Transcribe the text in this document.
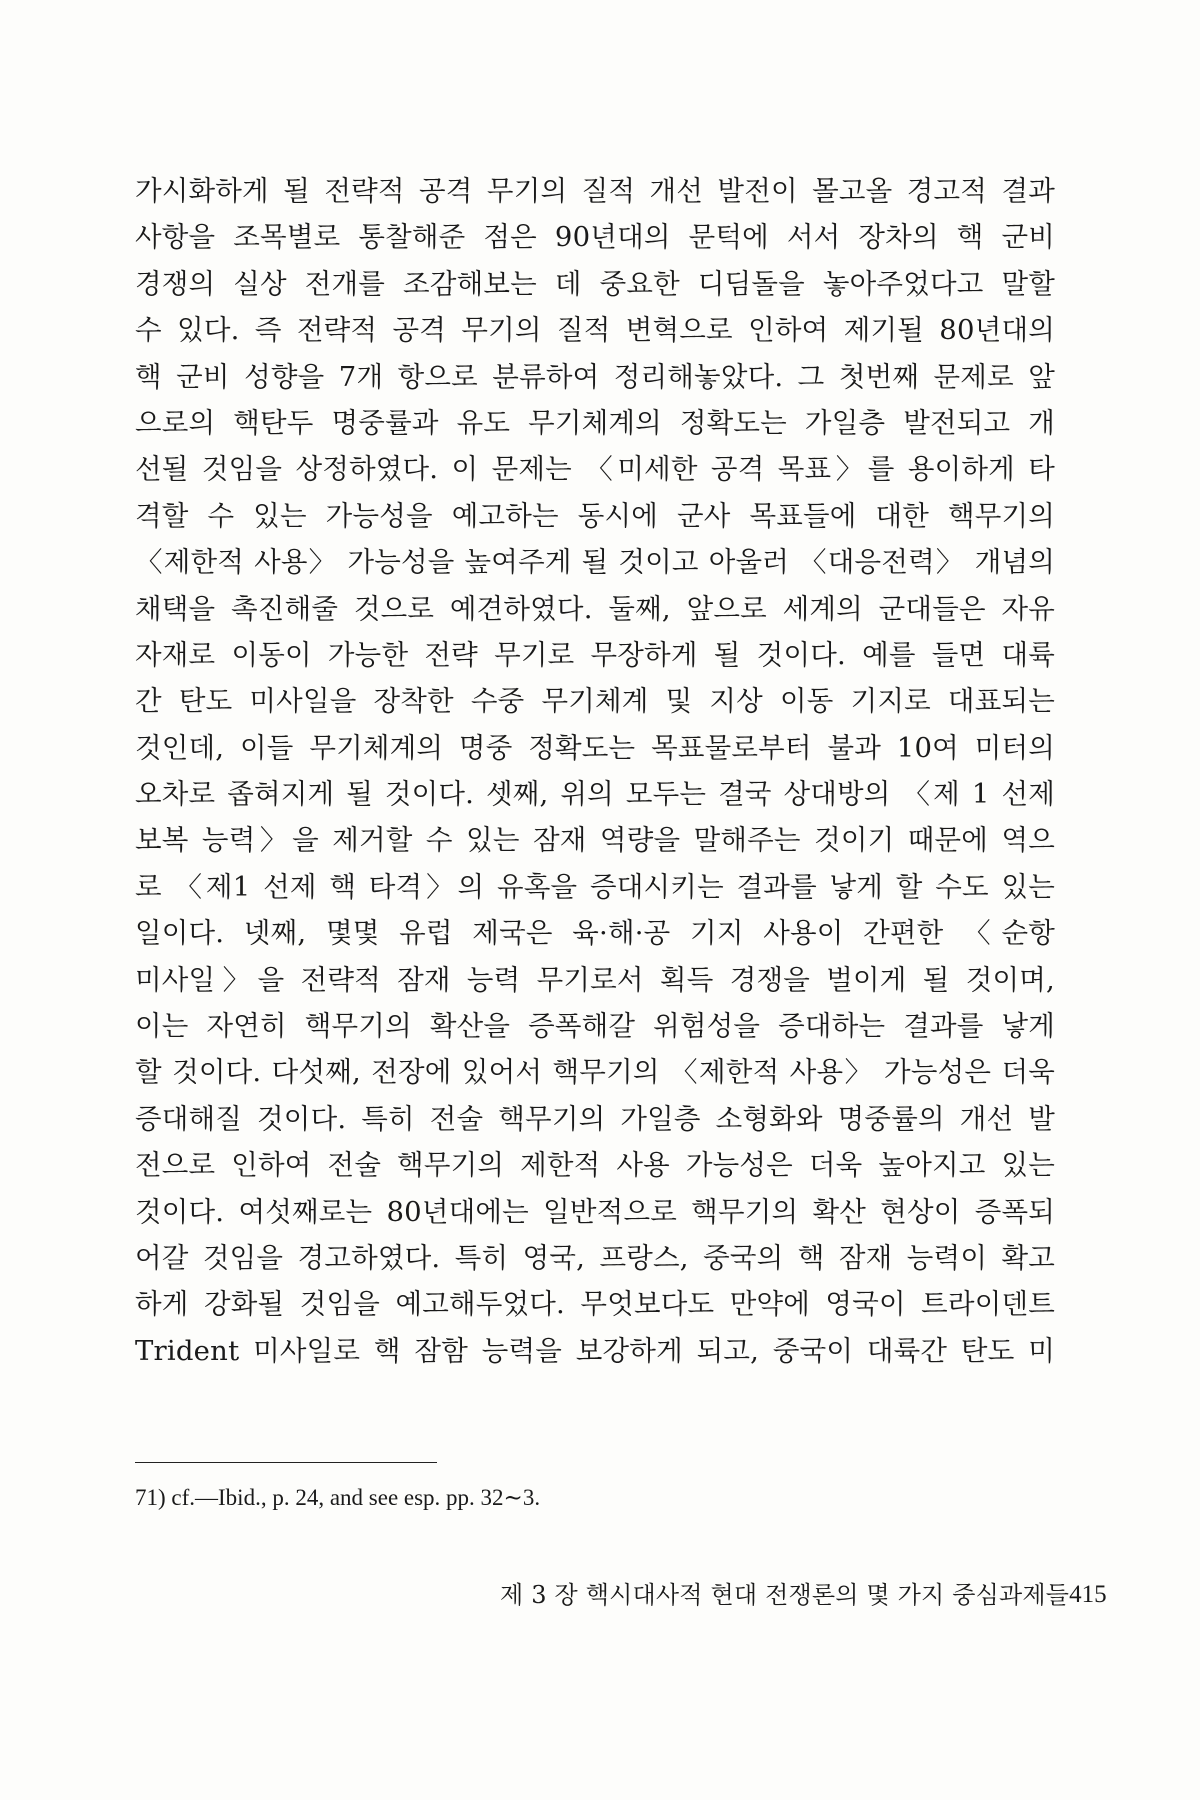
가시화하게 될 전략적 공격 무기의 질적 개선 발전이 몰고올 경고적 결과
사항을 조목별로 통찰해준 점은 90년대의 문턱에 서서 장차의 핵 군비
경쟁의 실상 전개를 조감해보는 데 중요한 디딤돌을 놓아주었다고 말할
수 있다. 즉 전략적 공격 무기의 질적 변혁으로 인하여 제기될 80년대의
핵 군비 성향을 7개 항으로 분류하여 정리해놓았다. 그 첫번째 문제로 앞
으로의 핵탄두 명중률과 유도 무기체계의 정확도는 가일층 발전되고 개
선될 것임을 상정하였다. 이 문제는 〈미세한 공격 목표〉를 용이하게 타
격할 수 있는 가능성을 예고하는 동시에 군사 목표들에 대한 핵무기의
〈제한적 사용〉 가능성을 높여주게 될 것이고 아울러 〈대응전력〉 개념의
채택을 촉진해줄 것으로 예견하였다. 둘째, 앞으로 세계의 군대들은 자유
자재로 이동이 가능한 전략 무기로 무장하게 될 것이다. 예를 들면 대륙
간 탄도 미사일을 장착한 수중 무기체계 및 지상 이동 기지로 대표되는
것인데, 이들 무기체계의 명중 정확도는 목표물로부터 불과 10여 미터의
오차로 좁혀지게 될 것이다. 셋째, 위의 모두는 결국 상대방의 〈제 1 선제
보복 능력〉을 제거할 수 있는 잠재 역량을 말해주는 것이기 때문에 역으
로 〈제1 선제 핵 타격〉의 유혹을 증대시키는 결과를 낳게 할 수도 있는
일이다. 넷째, 몇몇 유럽 제국은 육·해·공 기지 사용이 간편한 〈순항
미사일〉을 전략적 잠재 능력 무기로서 획득 경쟁을 벌이게 될 것이며,
이는 자연히 핵무기의 확산을 증폭해갈 위험성을 증대하는 결과를 낳게
할 것이다. 다섯째, 전장에 있어서 핵무기의 〈제한적 사용〉 가능성은 더욱
증대해질 것이다. 특히 전술 핵무기의 가일층 소형화와 명중률의 개선 발
전으로 인하여 전술 핵무기의 제한적 사용 가능성은 더욱 높아지고 있는
것이다. 여섯째로는 80년대에는 일반적으로 핵무기의 확산 현상이 증폭되
어갈 것임을 경고하였다. 특히 영국, 프랑스, 중국의 핵 잠재 능력이 확고
하게 강화될 것임을 예고해두었다. 무엇보다도 만약에 영국이 트라이덴트
Trident 미사일로 핵 잠함 능력을 보강하게 되고, 중국이 대륙간 탄도 미
71) cf.—Ibid., p. 24, and see esp. pp. 32∼3.
제 3 장 핵시대사적 현대 전쟁론의 몇 가지 중심과제들 415
